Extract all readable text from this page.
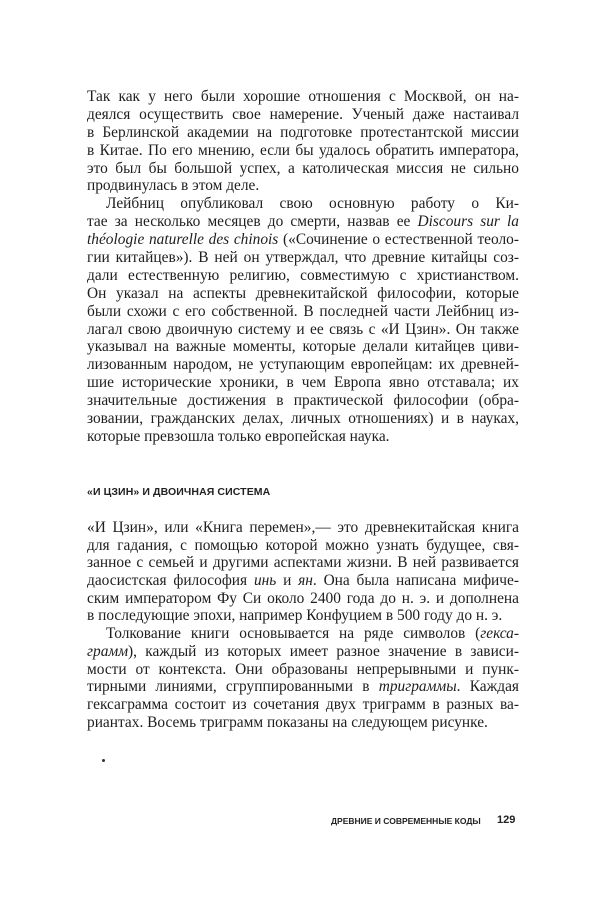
Так как у него были хорошие отношения с Москвой, он на-
деялся осуществить свое намерение. Ученый даже настаивал
в Берлинской академии на подготовке протестантской миссии
в Китае. По его мнению, если бы удалось обратить императора,
это был бы большой успех, а католическая миссия не сильно
продвинулась в этом деле.
Лейбниц опубликовал свою основную работу о Ки-
тае за несколько месяцев до смерти, назвав ее Discours sur la
théologie naturelle des chinois («Сочинение о естественной теоло-
гии китайцев»). В ней он утверждал, что древние китайцы соз-
дали естественную религию, совместимую с христианством.
Он указал на аспекты древнекитайской философии, которые
были схожи с его собственной. В последней части Лейбниц из-
лагал свою двоичную систему и ее связь с «И Цзин». Он также
указывал на важные моменты, которые делали китайцев циви-
лизованным народом, не уступающим европейцам: их древней-
шие исторические хроники, в чем Европа явно отставала; их
значительные достижения в практической философии (обра-
зовании, гражданских делах, личных отношениях) и в науках,
которые превзошла только европейская наука.
«И ЦЗИН» И ДВОИЧНАЯ СИСТЕМА
«И Цзин», или «Книга перемен»,— это древнекитайская книга
для гадания, с помощью которой можно узнать будущее, свя-
занное с семьей и другими аспектами жизни. В ней развивается
даосистская философия инь и ян. Она была написана мифиче-
ским императором Фу Си около 2400 года до н. э. и дополнена
в последующие эпохи, например Конфуцием в 500 году до н. э.
Толкование книги основывается на ряде символов (гекса-
грамм), каждый из которых имеет разное значение в зависи-
мости от контекста. Они образованы непрерывными и пунк-
тирными линиями, сгруппированными в триграммы. Каждая
гексаграмма состоит из сочетания двух триграмм в разных ва-
риантах. Восемь триграмм показаны на следующем рисунке.
ДРЕВНИЕ И СОВРЕМЕННЫЕ КОДЫ 129
